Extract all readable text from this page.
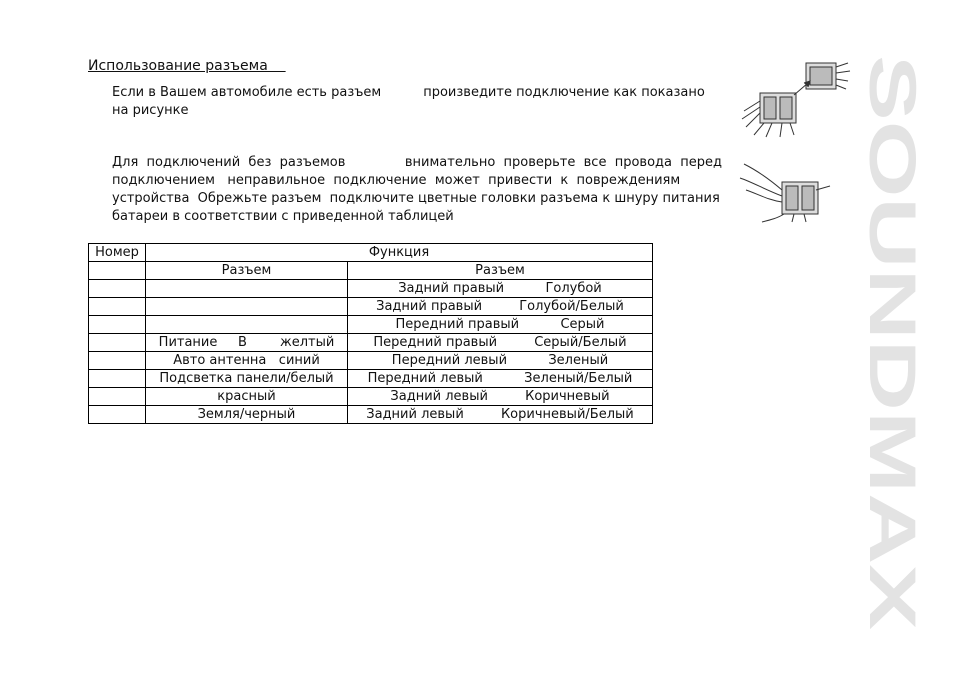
Использование разъема
Если в Вашем автомобиле есть разъем	произведите подключение как показано
на рисунке
Для  подключений  без  разъемов	внимательно  проверьте  все  провода  перед
подключением   неправильное  подключение  может  привести  к  повреждениям
устройства  Обрежьте разъем  подключите цветные головки разъема к шнуру питания
батареи в соответствии с приведенной таблицей
Номер	Функция	
	Разъем	Разъем
		Задний правый          Голубой
		Задний правый         Голубой/Белый
		Передний правый          Серый
	Питание     В        желтый	Передний правый         Серый/Белый
	Авто антенна   синий	Передний левый          Зеленый
	Подсветка панели/белый	Передний левый          Зеленый/Белый
	красный	Задний левый         Коричневый
	Земля/черный	Задний левый         Коричневый/Белый	SOUNDMAX
